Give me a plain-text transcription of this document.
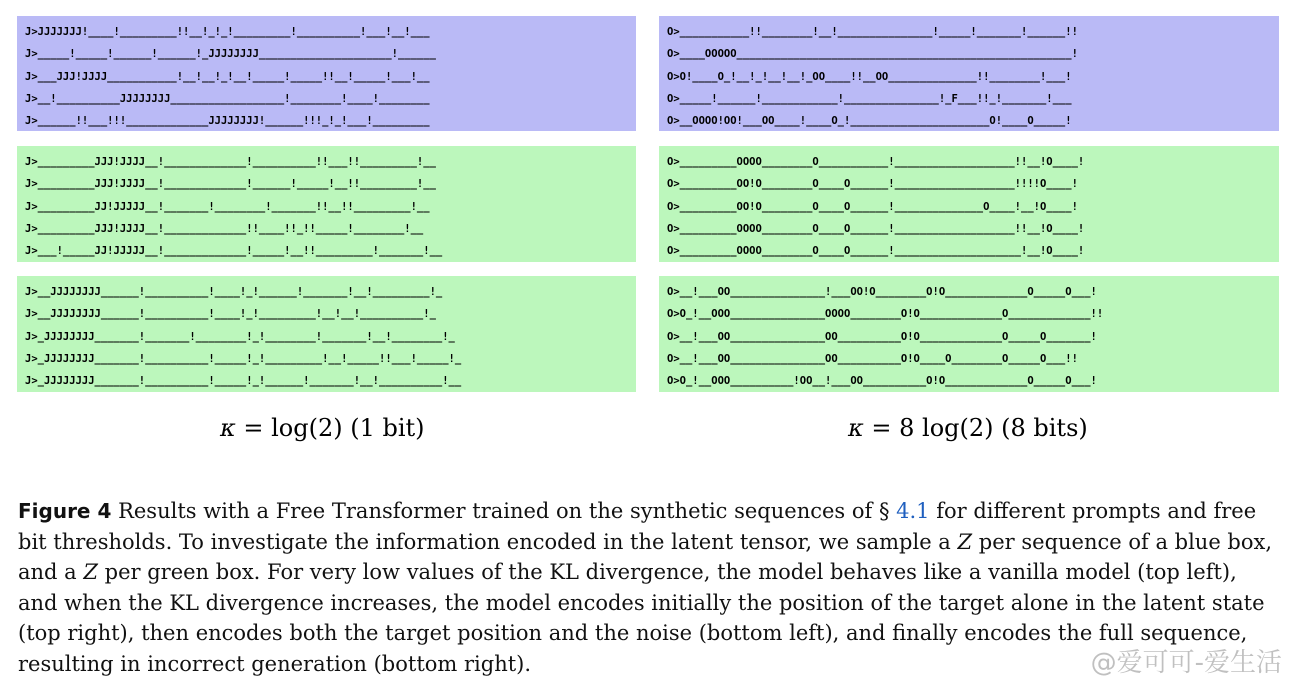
J>JJJJJJJ!____!_________!!__!_!_!_________!__________!___!__!___
J>_____!_____!______!______!_JJJJJJJJ_____________________!______
J>___JJJ!JJJJ___________!__!__!_!__!_____!_____!!__!_____!___!__
J>__!__________JJJJJJJJ__________________!________!____!________
J>______!!___!!!_____________JJJJJJJJ!______!!!_!_!___!_________
O>___________!!________!__!_______________!_____!_______!______!!
O>____OOOOO_____________________________________________________!
O>O!____O_!__!_!__!__!_OO____!!__OO______________!!________!___!
O>_____!______!____________!_______________!_F___!!_!_______!___
O>__OOOO!OO!___OO____!____O_!______________________O!____O_____!
J>_________JJJ!JJJJ__!_____________!__________!!___!!_________!__
J>_________JJJ!JJJJ__!_____________!______!_____!__!!_________!__
J>_________JJ!JJJJJ__!_______!________!_______!!__!!_________!__
J>_________JJJ!JJJJ__!_____________!!____!!_!!_____!________!__
J>___!_____JJ!JJJJJ__!_____________!_____!__!!_________!_______!__
O>_________OOOO________O___________!___________________!!__!O____!
O>_________OO!O________O____O______!___________________!!!!O____!
O>_________OO!O________O____O______!______________O____!__!O____!
O>_________OOOO________O____O______!___________________!!__!O____!
O>_________OOOO________O____O______!____________________!__!O____!
J>__JJJJJJJJ______!__________!____!_!______!_______!__!_________!_
J>__JJJJJJJJ______!__________!____!_!_________!__!__!__________!_
J>_JJJJJJJJ_______!_______!________!_!________!_______!__!________!_
J>_JJJJJJJJ_______!__________!_____!_!_________!__!_____!!___!_____!_
J>_JJJJJJJJ_______!__________!_____!_!______!_______!__!__________!__
O>__!___OO_______________!___OO!O________O!O_____________O_____O___!
O>O_!__OOO_______________OOOO________O!O_____________O_____________!!
O>__!___OO_______________OO__________O!O_____________O_____O_______!
O>__!___OO_______________OO__________O!O____O________O_____O___!!
O>O_!__OOO__________!OO__!___OO__________O!O_____________O_____O___!
κ = log(2) (1 bit)	κ = 8 log(2) (8 bits)
Figure 4 Results with a Free Transformer trained on the synthetic sequences of § 4.1 for different prompts and free bit thresholds. To investigate the information encoded in the latent tensor, we sample a Z per sequence of a blue box, and a Z per green box. For very low values of the KL divergence, the model behaves like a vanilla model (top left), and when the KL divergence increases, the model encodes initially the position of the target alone in the latent state (top right), then encodes both the target position and the noise (bottom left), and finally encodes the full sequence, resulting in incorrect generation (bottom right).	@爱可可-爱生活
